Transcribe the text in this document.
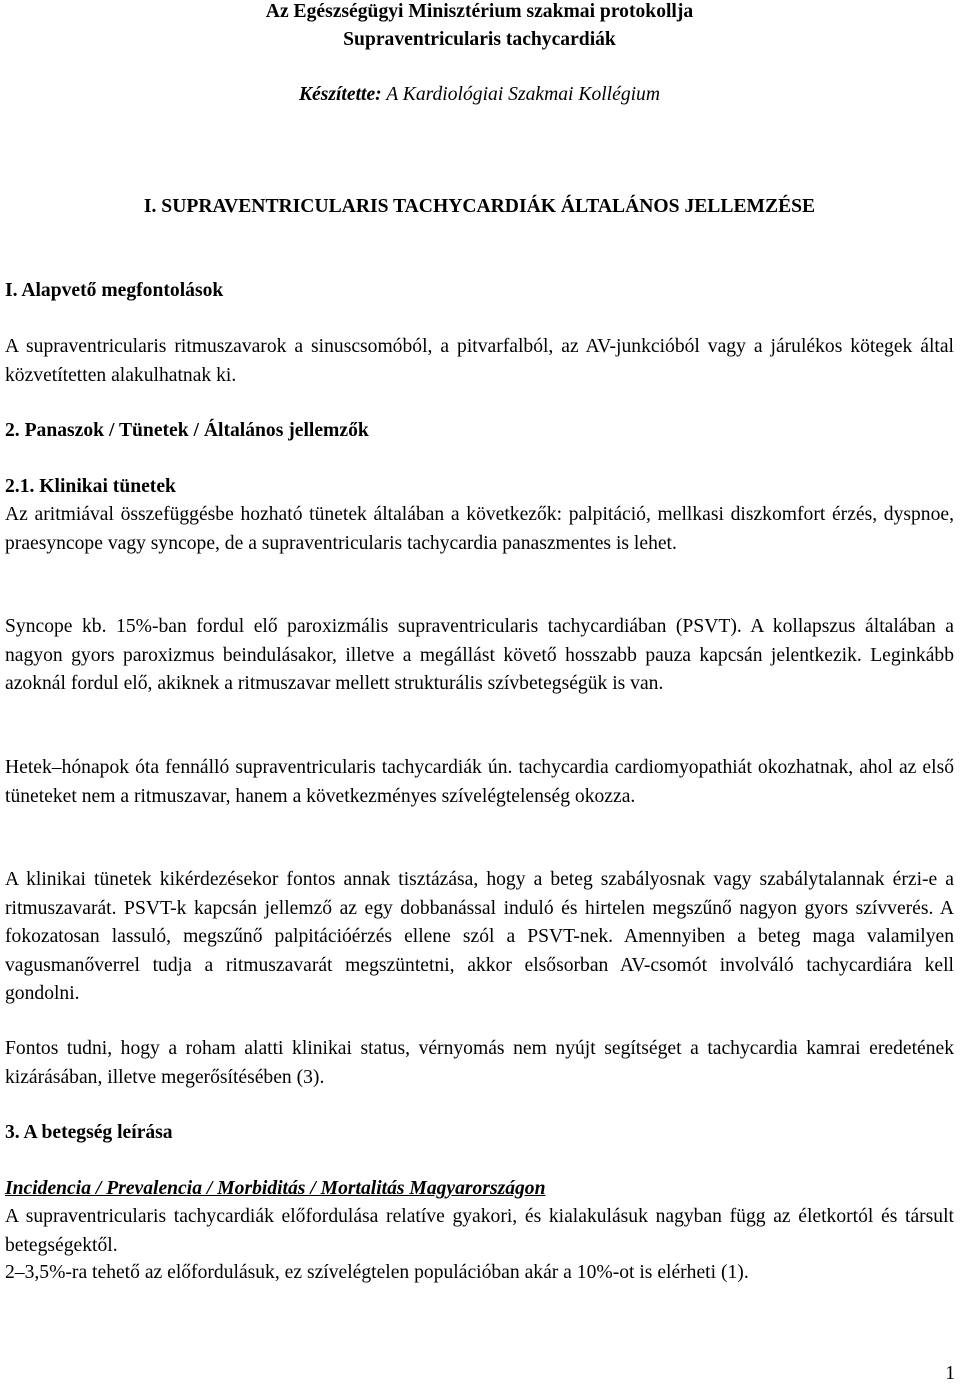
Az Egészségügyi Minisztérium szakmai protokollja

Supraventricularis tachycardiák

Készítette: A Kardiológiai Szakmai Kollégium

I. SUPRAVENTRICULARIS TACHYCARDIÁK ÁLTALÁNOS JELLEMZÉSE

I. Alapvető megfontolások

A supraventricularis ritmuszavarok a sinuscsomóból, a pitvarfalból, az AV-junkcióból vagy a járulékos kötegek által közvetítetten alakulhatnak ki.

2. Panaszok / Tünetek / Általános jellemzők

2.1. Klinikai tünetek

Az aritmiával összefüggésbe hozható tünetek általában a következők: palpitáció, mellkasi diszkomfort érzés, dyspnoe, praesyncope vagy syncope, de a supraventricularis tachycardia panaszmentes is lehet.

Syncope kb. 15%-ban fordul elő paroxizmális supraventricularis tachycardiában (PSVT). A kollapszus általában a nagyon gyors paroxizmus beindulásakor, illetve a megállást követő hosszabb pauza kapcsán jelentkezik. Leginkább azoknál fordul elő, akiknek a ritmuszavar mellett strukturális szívbetegségük is van.

Hetek–hónapok óta fennálló supraventricularis tachycardiák ún. tachycardia cardiomyopathiát okozhatnak, ahol az első tüneteket nem a ritmuszavar, hanem a következményes szívelégtelenség okozza.

A klinikai tünetek kikérdezésekor fontos annak tisztázása, hogy a beteg szabályosnak vagy szabálytalannak érzi-e a ritmuszavarát. PSVT-k kapcsán jellemző az egy dobbanással induló és hirtelen megszűnő nagyon gyors szívverés. A fokozatosan lassuló, megszűnő palpitációérzés ellene szól a PSVT-nek. Amennyiben a beteg maga valamilyen vagusmanőverrel tudja a ritmuszavarát megszüntetni, akkor elsősorban AV-csomót involváló tachycardiára kell gondolni.

Fontos tudni, hogy a roham alatti klinikai status, vérnyomás nem nyújt segítséget a tachycardia kamrai eredetének kizárásában, illetve megerősítésében (3).

3. A betegség leírása

Incidencia / Prevalencia / Morbiditás / Mortalitás Magyarországon

A supraventricularis tachycardiák előfordulása relatíve gyakori, és kialakulásuk nagyban függ az életkortól és társult betegségektől.

2–3,5%-ra tehető az előfordulásuk, ez szívelégtelen populációban akár a 10%-ot is elérheti (1).

1
